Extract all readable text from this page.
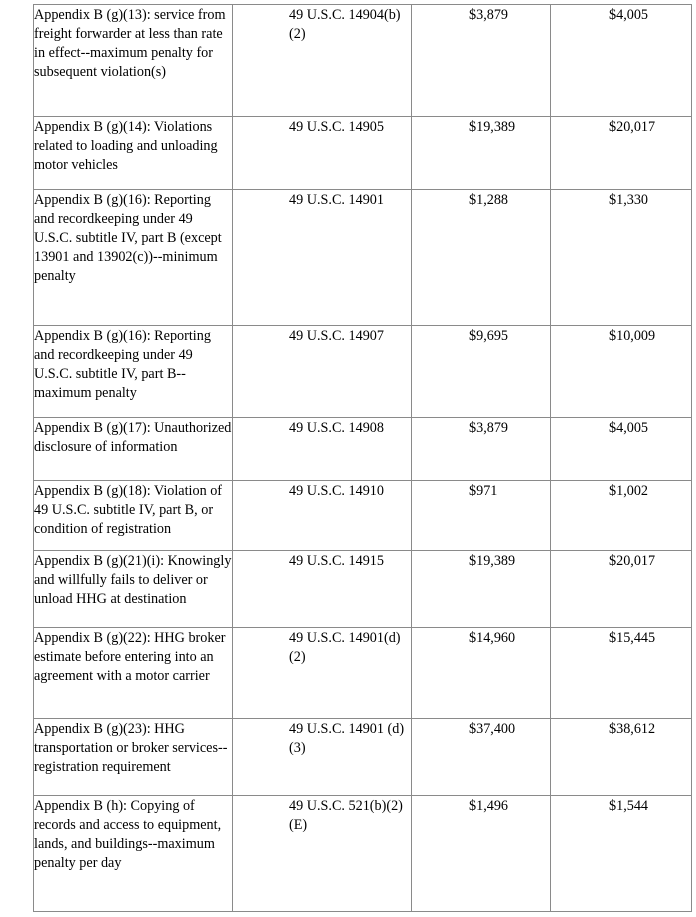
Appendix B (g)(13): service from freight forwarder at less than rate in effect--maximum penalty for subsequent violation(s)	49 U.S.C. 14904(b)(2)	$3,879	$4,005

Appendix B (g)(14): Violations related to loading and unloading motor vehicles	49 U.S.C. 14905	$19,389	$20,017

Appendix B (g)(16): Reporting and recordkeeping under 49 U.S.C. subtitle IV, part B (except 13901 and 13902(c))--minimum penalty	49 U.S.C. 14901	$1,288	$1,330

Appendix B (g)(16): Reporting and recordkeeping under 49 U.S.C. subtitle IV, part B--maximum penalty	49 U.S.C. 14907	$9,695	$10,009

Appendix B (g)(17): Unauthorized disclosure of information	49 U.S.C. 14908	$3,879	$4,005

Appendix B (g)(18): Violation of 49 U.S.C. subtitle IV, part B, or condition of registration	49 U.S.C. 14910	$971	$1,002

Appendix B (g)(21)(i): Knowingly and willfully fails to deliver or unload HHG at destination	49 U.S.C. 14915	$19,389	$20,017

Appendix B (g)(22): HHG broker estimate before entering into an agreement with a motor carrier	49 U.S.C. 14901(d)(2)	$14,960	$15,445

Appendix B (g)(23): HHG transportation or broker services--registration requirement	49 U.S.C. 14901 (d)(3)	$37,400	$38,612

Appendix B (h): Copying of records and access to equipment, lands, and buildings--maximum penalty per day	49 U.S.C. 521(b)(2)(E)	$1,496	$1,544
